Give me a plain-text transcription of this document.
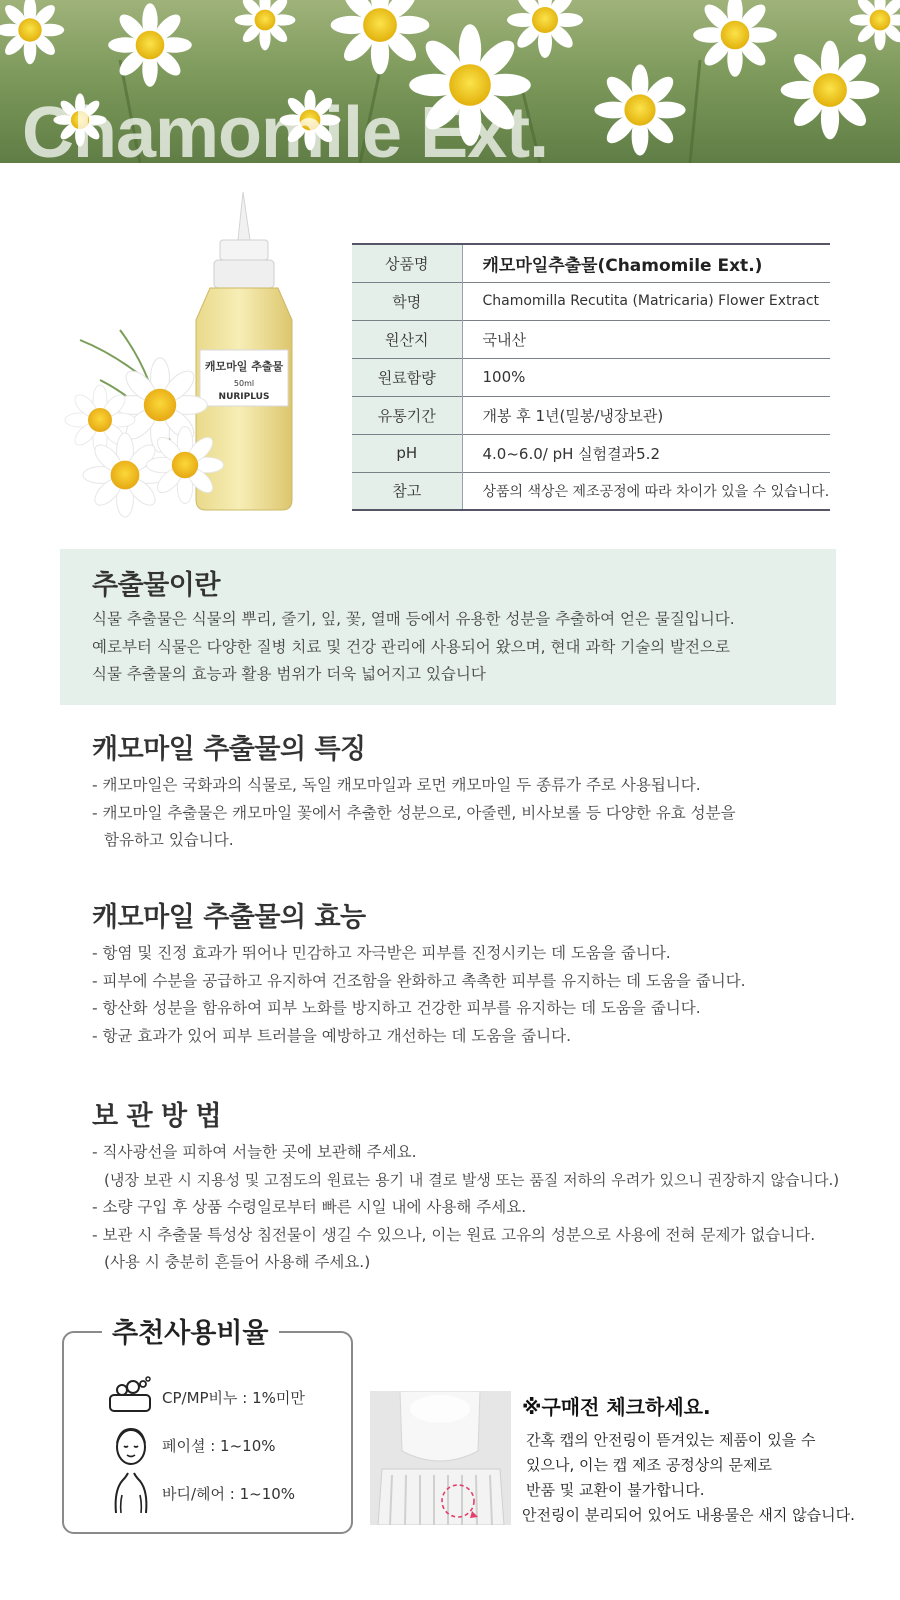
Chamomile Ext.
캐모마일 추출물
50ml
NURIPLUS
상품명	캐모마일추출물(Chamomile Ext.)
학명	Chamomilla Recutita (Matricaria) Flower Extract
원산지	국내산
원료함량	100%
유통기간	개봉 후 1년(밀봉/냉장보관)
pH	4.0~6.0/ pH 실험결과5.2
참고	상품의 색상은 제조공정에 따라 차이가 있을 수 있습니다.
추출물이란
식물 추출물은 식물의 뿌리, 줄기, 잎, 꽃, 열매 등에서 유용한 성분을 추출하여 얻은 물질입니다.
예로부터 식물은 다양한 질병 치료 및 건강 관리에 사용되어 왔으며, 현대 과학 기술의 발전으로
식물 추출물의 효능과 활용 범위가 더욱 넓어지고 있습니다
캐모마일 추출물의 특징
- 캐모마일은 국화과의 식물로, 독일 캐모마일과 로먼 캐모마일 두 종류가 주로 사용됩니다.
- 캐모마일 추출물은 캐모마일 꽃에서 추출한 성분으로, 아줄렌, 비사보롤 등 다양한 유효 성분을
함유하고 있습니다.
캐모마일 추출물의 효능
- 항염 및 진정 효과가 뛰어나 민감하고 자극받은 피부를 진정시키는 데 도움을 줍니다.
- 피부에 수분을 공급하고 유지하여 건조함을 완화하고 촉촉한 피부를 유지하는 데 도움을 줍니다.
- 항산화 성분을 함유하여 피부 노화를 방지하고 건강한 피부를 유지하는 데 도움을 줍니다.
- 항균 효과가 있어 피부 트러블을 예방하고 개선하는 데 도움을 줍니다.
보 관 방 법
- 직사광선을 피하여 서늘한 곳에 보관해 주세요.
(냉장 보관 시 지용성 및 고점도의 원료는 용기 내 결로 발생 또는 품질 저하의 우려가 있으니 권장하지 않습니다.)
- 소량 구입 후 상품 수령일로부터 빠른 시일 내에 사용해 주세요.
- 보관 시 추출물 특성상 침전물이 생길 수 있으나, 이는 원료 고유의 성분으로 사용에 전혀 문제가 없습니다.
(사용 시 충분히 흔들어 사용해 주세요.)
추천사용비율
CP/MP비누 : 1%미만
페이셜 : 1~10%
바디/헤어 : 1~10%
※구매전 체크하세요.
간혹 캡의 안전링이 뜯겨있는 제품이 있을 수
있으나, 이는 캡 제조 공정상의 문제로
반품 및 교환이 불가합니다.
안전링이 분리되어 있어도 내용물은 새지 않습니다.
